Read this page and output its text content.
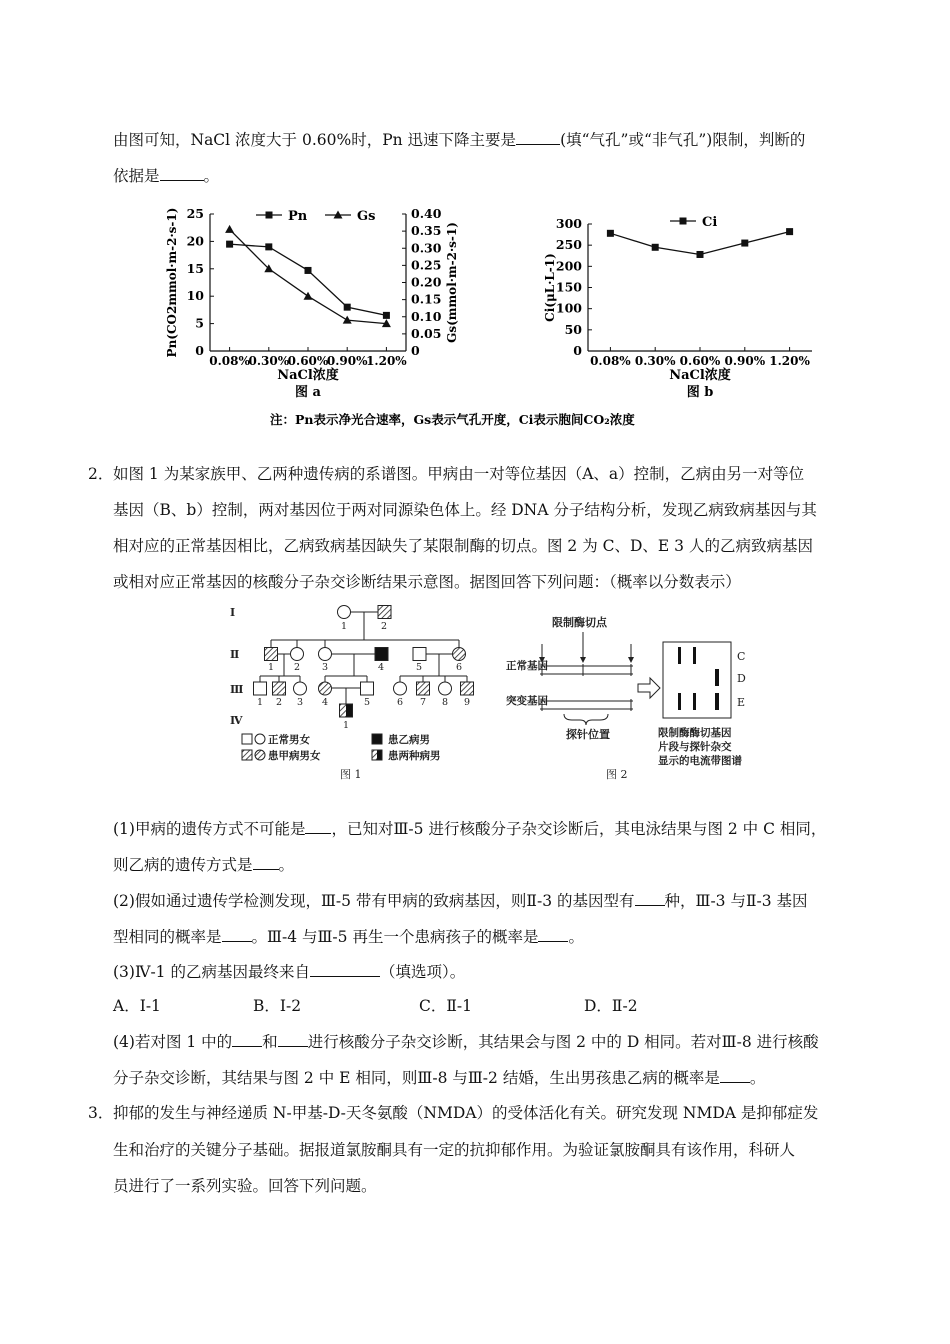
由图可知，NaCl 浓度大于 0.60%时，Pn 迅速下降主要是	(填“气孔”或“非气孔”)限制，判断的
依据是	。
0
5
10
15
20
25
0.08%
0.30%
0.60%
0.90%
1.20%
NaCl浓度
图 a
Pn(CO2mmol·m-2·s-1)	0
0.05
0.10
0.15
0.20
0.25
0.30
0.35
0.40
Gs(mmol·m-2·s-1)
Pn	Gs
0
50
100
150
200
250
300
0.08% 0.30% 0.60% 0.90% 1.20%
NaCl浓度
图 b
Ci(μL·L-1)
Ci
注：Pn表示净光合速率，Gs表示气孔开度，Ci表示胞间CO₂浓度
2． 如图 1 为某家族甲、乙两种遗传病的系谱图。甲病由一对等位基因（A、a）控制，乙病由另一对等位
基因（B、b）控制，两对基因位于两对同源染色体上。经 DNA 分子结构分析，发现乙病致病基因与其
相对应的正常基因相比，乙病致病基因缺失了某限制酶的切点。图 2 为 C、D、E 3 人的乙病致病基因
或相对应正常基因的核酸分子杂交诊断结果示意图。据图回答下列问题：（概率以分数表示）
Ⅰ
Ⅱ
Ⅲ
Ⅳ
1	2
1 2 3	4	5	6
1 2 3 4	5	6 7 8 9
1
正常男女
患甲病男女
患乙病男
患两种病男
图 1
限制酶切点
正常基因
突变基因
探针位置
C
D
E
限制酶酶切基因 片段与探针杂交 显示的电流带图谱
图 2
(1)甲病的遗传方式不可能是 ，已知对Ⅲ-5 进行核酸分子杂交诊断后，其电泳结果与图 2 中 C 相同，
则乙病的遗传方式是 。
(2)假如通过遗传学检测发现，Ⅲ-5 带有甲病的致病基因，则Ⅱ-3 的基因型有 种，Ⅲ-3 与Ⅱ-3 基因
型相同的概率是 。Ⅲ-4 与Ⅲ-5 再生一个患病孩子的概率是 。
(3)Ⅳ-1 的乙病基因最终来自	（填选项）。
A．Ⅰ-1	B．Ⅰ-2	C．Ⅱ-1	D．Ⅱ-2
(4)若对图 1 中的 和 进行核酸分子杂交诊断，其结果会与图 2 中的 D 相同。若对Ⅲ-8 进行核酸
分子杂交诊断，其结果与图 2 中 E 相同，则Ⅲ-8 与Ⅲ-2 结婚，生出男孩患乙病的概率是 。
3． 抑郁的发生与神经递质 N-甲基-D-天冬氨酸（NMDA）的受体活化有关。研究发现 NMDA 是抑郁症发
生和治疗的关键分子基础。据报道氯胺酮具有一定的抗抑郁作用。为验证氯胺酮具有该作用，科研人
员进行了一系列实验。回答下列问题。
